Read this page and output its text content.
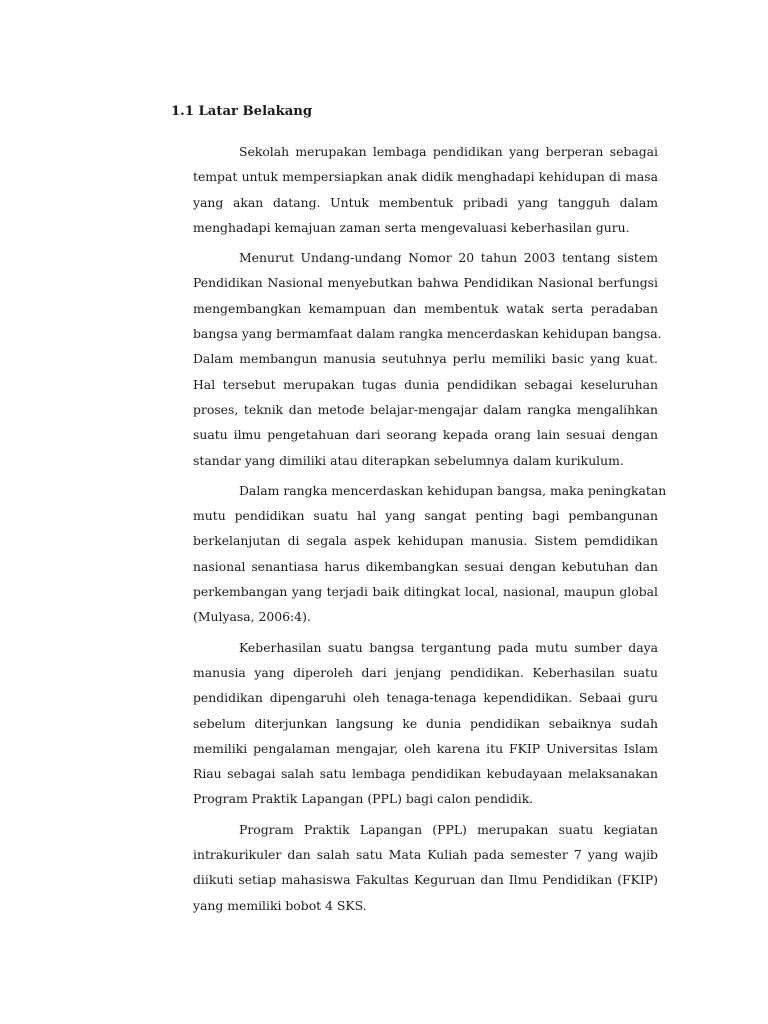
1.1 Latar Belakang

Sekolah merupakan lembaga pendidikan yang berperan sebagai
tempat untuk mempersiapkan anak didik menghadapi kehidupan di masa
yang akan datang. Untuk membentuk pribadi yang tangguh dalam
menghadapi kemajuan zaman serta mengevaluasi keberhasilan guru.

Menurut Undang-undang Nomor 20 tahun 2003 tentang sistem
Pendidikan Nasional menyebutkan bahwa Pendidikan Nasional berfungsi
mengembangkan kemampuan dan membentuk watak serta peradaban
bangsa yang bermamfaat dalam rangka mencerdaskan kehidupan bangsa.
Dalam membangun manusia seutuhnya perlu memiliki basic yang kuat.
Hal tersebut merupakan tugas dunia pendidikan sebagai keseluruhan
proses, teknik dan metode belajar-mengajar dalam rangka mengalihkan
suatu ilmu pengetahuan dari seorang kepada orang lain sesuai dengan
standar yang dimiliki atau diterapkan sebelumnya dalam kurikulum.

Dalam rangka mencerdaskan kehidupan bangsa, maka peningkatan
mutu pendidikan suatu hal yang sangat penting bagi pembangunan
berkelanjutan di segala aspek kehidupan manusia. Sistem pemdidikan
nasional senantiasa harus dikembangkan sesuai dengan kebutuhan dan
perkembangan yang terjadi baik ditingkat local, nasional, maupun global
(Mulyasa, 2006:4).

Keberhasilan suatu bangsa tergantung pada mutu sumber daya
manusia yang diperoleh dari jenjang pendidikan. Keberhasilan suatu
pendidikan dipengaruhi oleh tenaga-tenaga kependidikan. Sebaai guru
sebelum diterjunkan langsung ke dunia pendidikan sebaiknya sudah
memiliki pengalaman mengajar, oleh karena itu FKIP Universitas Islam
Riau sebagai salah satu lembaga pendidikan kebudayaan melaksanakan
Program Praktik Lapangan (PPL) bagi calon pendidik.

Program Praktik Lapangan (PPL) merupakan suatu kegiatan
intrakurikuler dan salah satu Mata Kuliah pada semester 7 yang wajib
diikuti setiap mahasiswa Fakultas Keguruan dan Ilmu Pendidikan (FKIP)
yang memiliki bobot 4 SKS.
